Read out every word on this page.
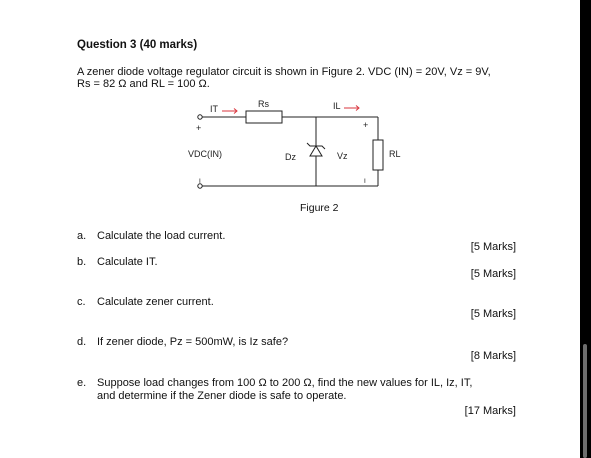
Question 3 (40 marks)
A zener diode voltage regulator circuit is shown in Figure 2. VDC (IN) = 20V, Vz = 9V,
Rs = 82 Ω and RL = 100 Ω.
IT	Rs	IL
+	+
VDC(IN)	Dz	Vz	RL
−	−
Figure 2
a. Calculate the load current.
[5 Marks]
b. Calculate IT.
[5 Marks]
c. Calculate zener current.
[5 Marks]
d. If zener diode, Pz = 500mW, is Iz safe?
[8 Marks]
e. Suppose load changes from 100 Ω to 200 Ω, find the new values for IL, Iz, IT,
and determine if the Zener diode is safe to operate.
[17 Marks]
